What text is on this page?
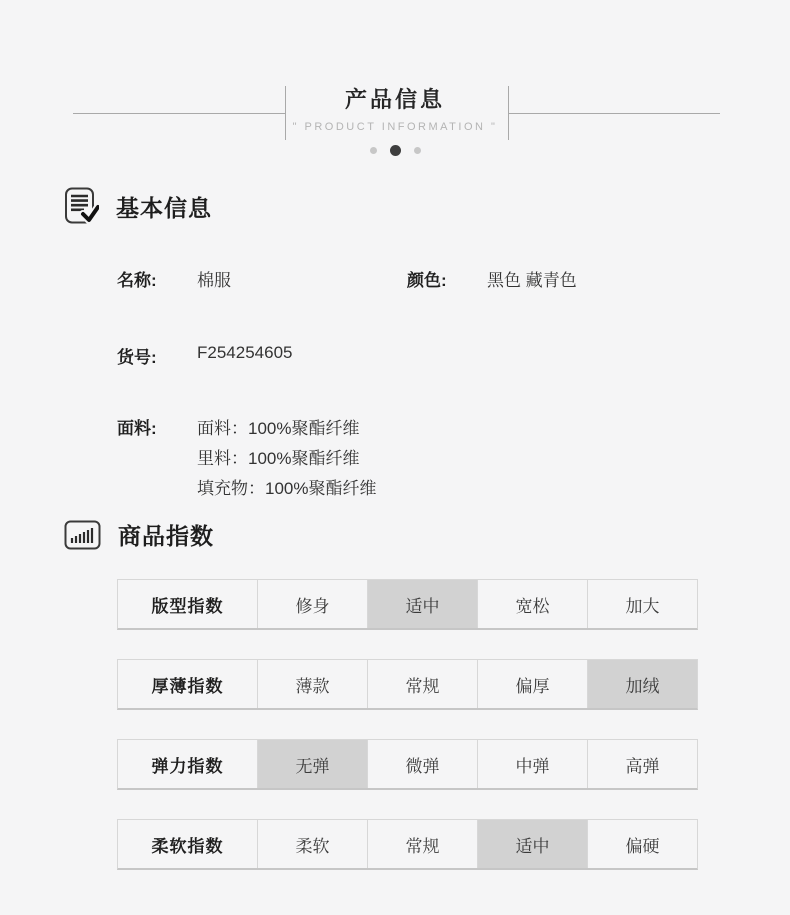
产品信息
" PRODUCT INFORMATION "
基本信息
名称:	棉服	颜色:	黑色 藏青色
货号:	F254254605
面料:	面料：100%聚酯纤维
里料：100%聚酯纤维
填充物：100%聚酯纤维
商品指数
版型指数	修身	适中	宽松	加大
厚薄指数	薄款	常规	偏厚	加绒
弹力指数	无弹	微弹	中弹	高弹
柔软指数	柔软	常规	适中	偏硬
